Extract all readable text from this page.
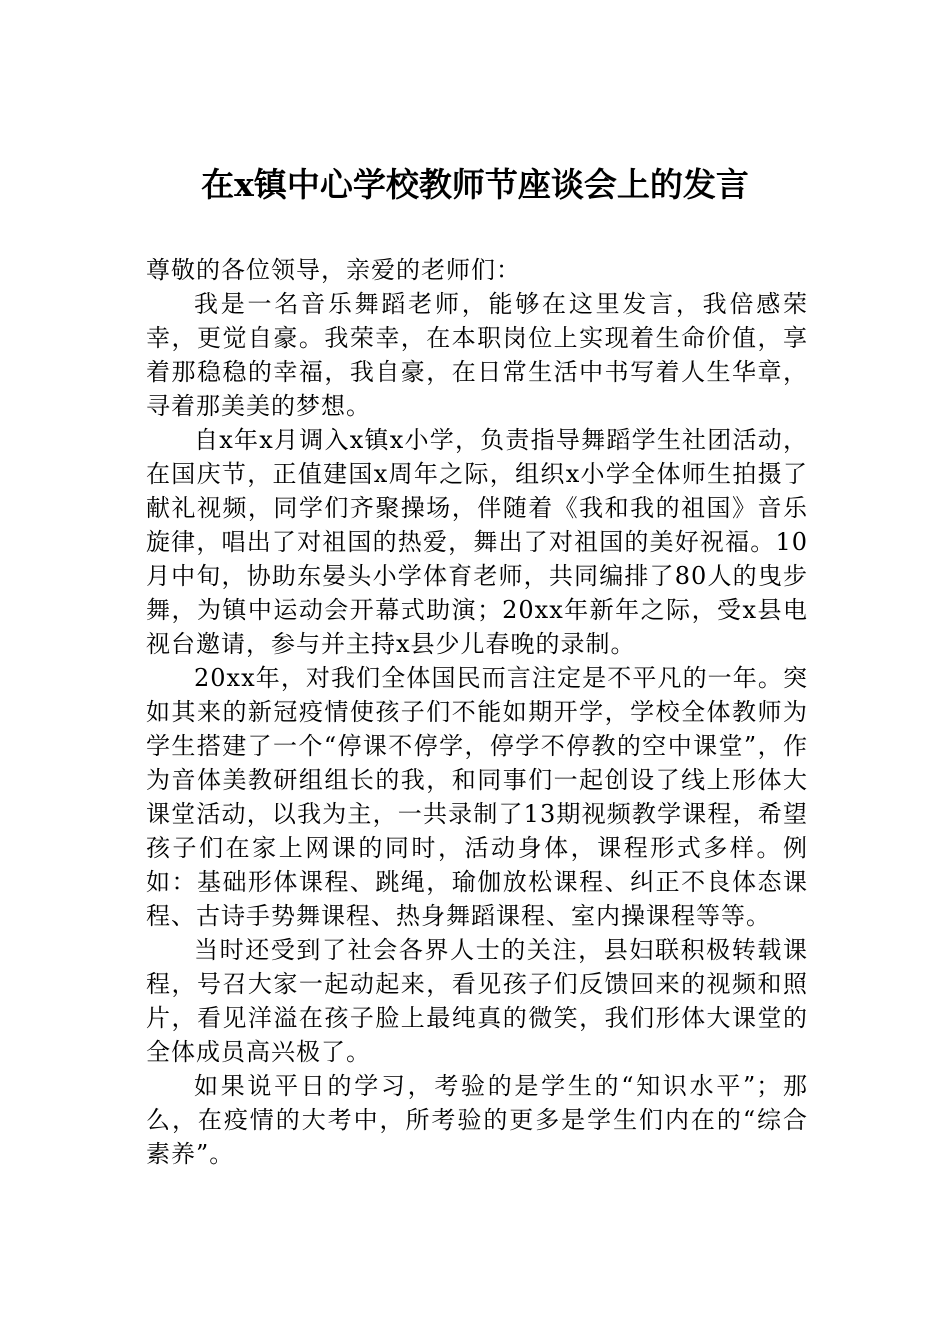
在x镇中心学校教师节座谈会上的发言

尊敬的各位领导，亲爱的老师们：

我是一名音乐舞蹈老师，能够在这里发言，我倍感荣幸，更觉自豪。我荣幸，在本职岗位上实现着生命价值，享着那稳稳的幸福，我自豪，在日常生活中书写着人生华章，寻着那美美的梦想。

自x年x月调入x镇x小学，负责指导舞蹈学生社团活动，在国庆节，正值建国x周年之际，组织x小学全体师生拍摄了献礼视频，同学们齐聚操场，伴随着《我和我的祖国》音乐旋律，唱出了对祖国的热爱，舞出了对祖国的美好祝福。10月中旬，协助东晏头小学体育老师，共同编排了80人的曳步舞，为镇中运动会开幕式助演；20xx年新年之际，受x县电视台邀请，参与并主持x县少儿春晚的录制。

20xx年，对我们全体国民而言注定是不平凡的一年。突如其来的新冠疫情使孩子们不能如期开学，学校全体教师为学生搭建了一个“停课不停学，停学不停教的空中课堂”，作为音体美教研组组长的我，和同事们一起创设了线上形体大课堂活动，以我为主，一共录制了13期视频教学课程，希望孩子们在家上网课的同时，活动身体，课程形式多样。例如：基础形体课程、跳绳，瑜伽放松课程、纠正不良体态课程、古诗手势舞课程、热身舞蹈课程、室内操课程等等。

当时还受到了社会各界人士的关注，县妇联积极转载课程，号召大家一起动起来，看见孩子们反馈回来的视频和照片，看见洋溢在孩子脸上最纯真的微笑，我们形体大课堂的全体成员高兴极了。

如果说平日的学习，考验的是学生的“知识水平”；那么，在疫情的大考中，所考验的更多是学生们内在的“综合素养”。
